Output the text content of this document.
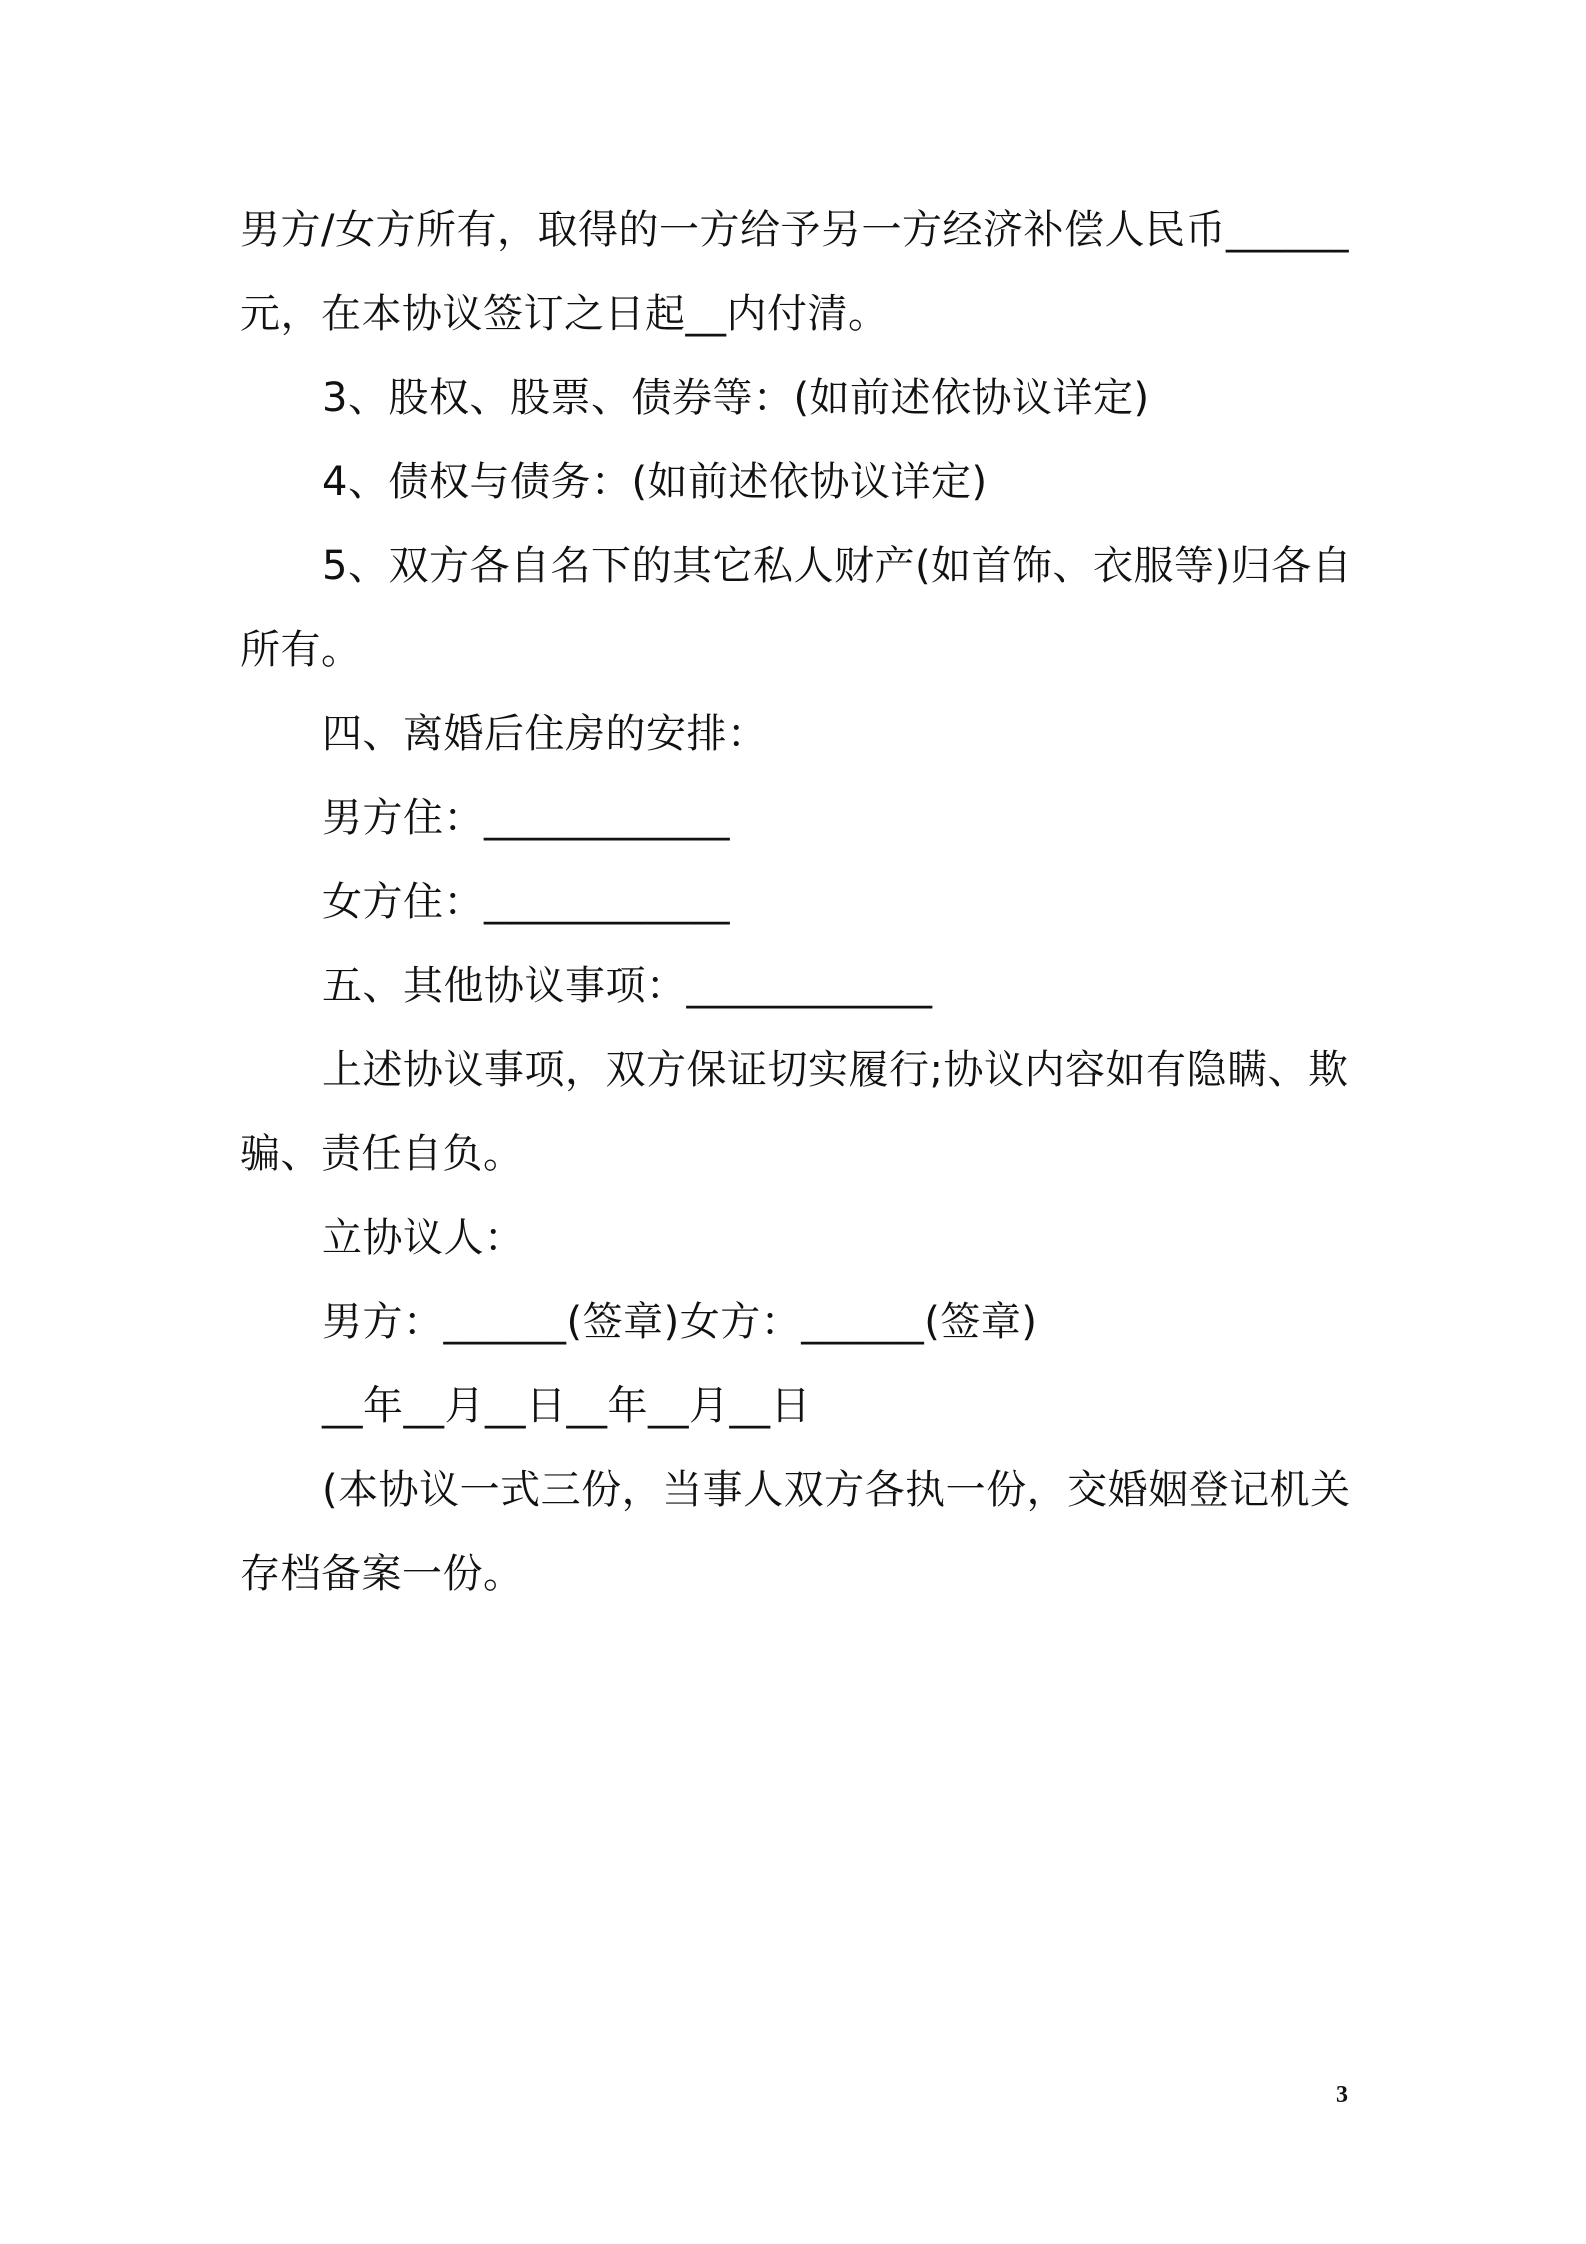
男方/女方所有，取得的一方给予另一方经济补偿人民币______
元，在本协议签订之日起__内付清。
3、股权、股票、债券等：(如前述依协议详定)
4、债权与债务：(如前述依协议详定)
5、双方各自名下的其它私人财产(如首饰、衣服等)归各自
所有。
四、离婚后住房的安排：
男方住：____________
女方住：____________
五、其他协议事项：____________
上述协议事项，双方保证切实履行;协议内容如有隐瞒、欺
骗、责任自负。
立协议人：
男方：______(签章)女方：______(签章)
__年__月__日__年__月__日
(本协议一式三份，当事人双方各执一份，交婚姻登记机关
存档备案一份。
3
